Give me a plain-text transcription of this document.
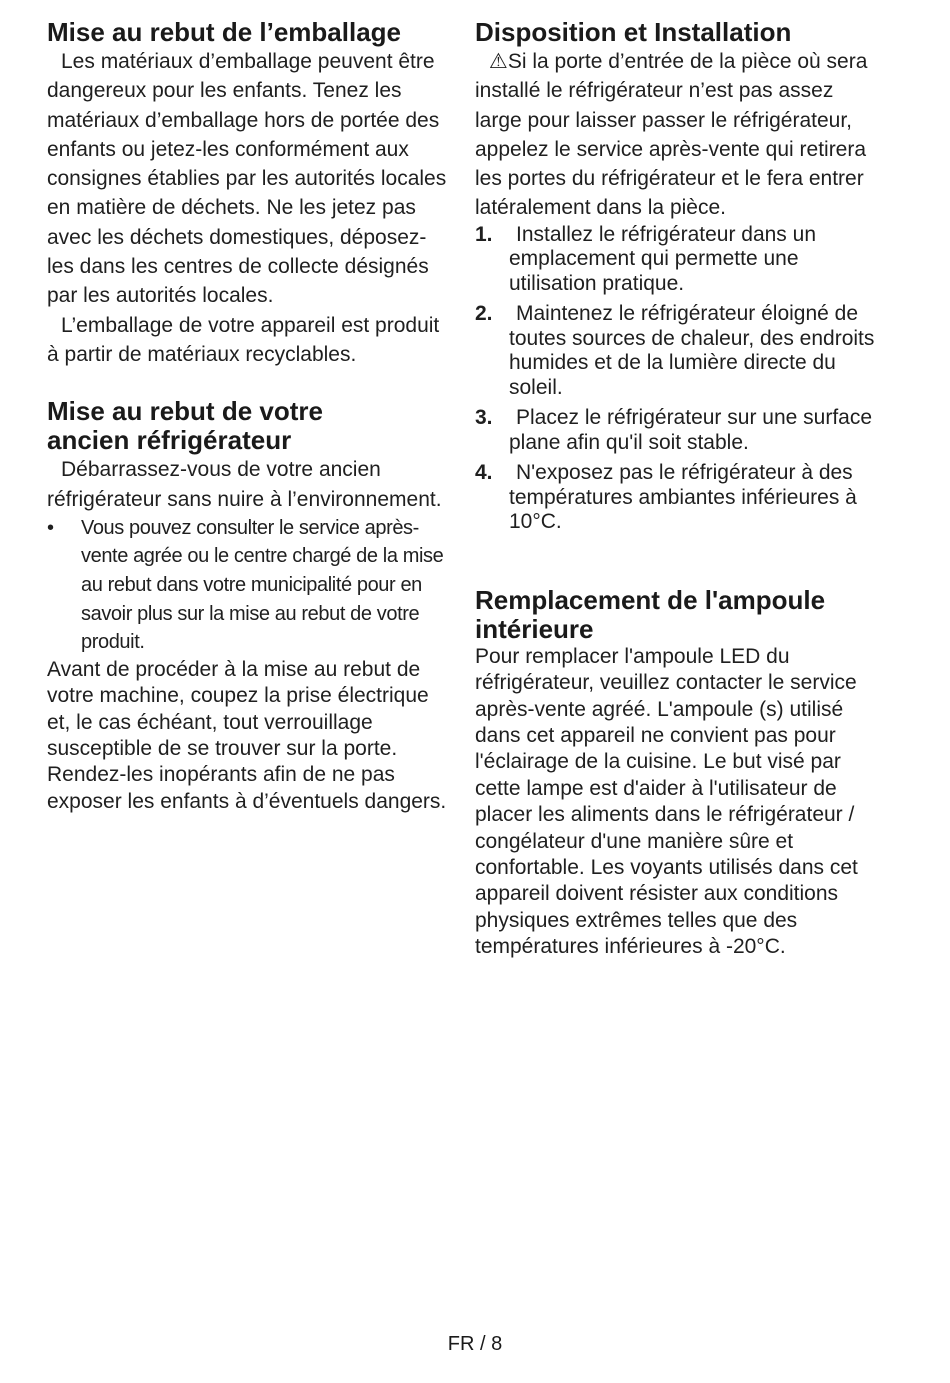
Mise au rebut de l’emballage

Les matériaux d’emballage peuvent être dangereux pour les enfants. Tenez les matériaux d’emballage hors de portée des enfants ou jetez-les conformément aux consignes établies par les autorités locales en matière de déchets. Ne les jetez pas avec les déchets domestiques, déposez-les dans les centres de collecte désignés par les autorités locales.

L’emballage de votre appareil est produit à partir de matériaux recyclables.

Mise au rebut de votre
ancien réfrigérateur

Débarrassez-vous de votre ancien réfrigérateur sans nuire à l’environnement.

•	Vous pouvez consulter le service après-vente agrée ou le centre chargé de la mise au rebut dans votre municipalité pour en savoir plus sur la mise au rebut de votre produit.

Avant de procéder à la mise au rebut de votre machine, coupez la prise électrique et, le cas échéant, tout verrouillage susceptible de se trouver sur la porte. Rendez-les inopérants afin de ne pas exposer les enfants à d’éventuels dangers.

Disposition et Installation

⚠Si la porte d’entrée de la pièce où sera installé le réfrigérateur n’est pas assez large pour laisser passer le réfrigérateur, appelez le service après-vente qui retirera les portes du réfrigérateur et le fera entrer latéralement dans la pièce.

1.	Installez le réfrigérateur dans un emplacement qui permette une utilisation pratique.
2.	Maintenez le réfrigérateur éloigné de toutes sources de chaleur, des endroits humides et de la lumière directe du soleil.
3.	Placez le réfrigérateur sur une surface plane afin qu'il soit stable.
4.	N'exposez pas le réfrigérateur à des températures ambiantes inférieures à 10°C.
Remplacement de l'ampoule
intérieure

Pour remplacer l'ampoule LED du réfrigérateur, veuillez contacter le service après-vente agréé. L'ampoule (s) utilisé dans cet appareil ne convient pas pour l'éclairage de la cuisine. Le but visé par cette lampe est d'aider à l'utilisateur de placer les aliments dans le réfrigérateur / congélateur d'une manière sûre et confortable. Les voyants utilisés dans cet appareil doivent résister aux conditions physiques extrêmes telles que des températures inférieures à -20°C.

FR / 8
